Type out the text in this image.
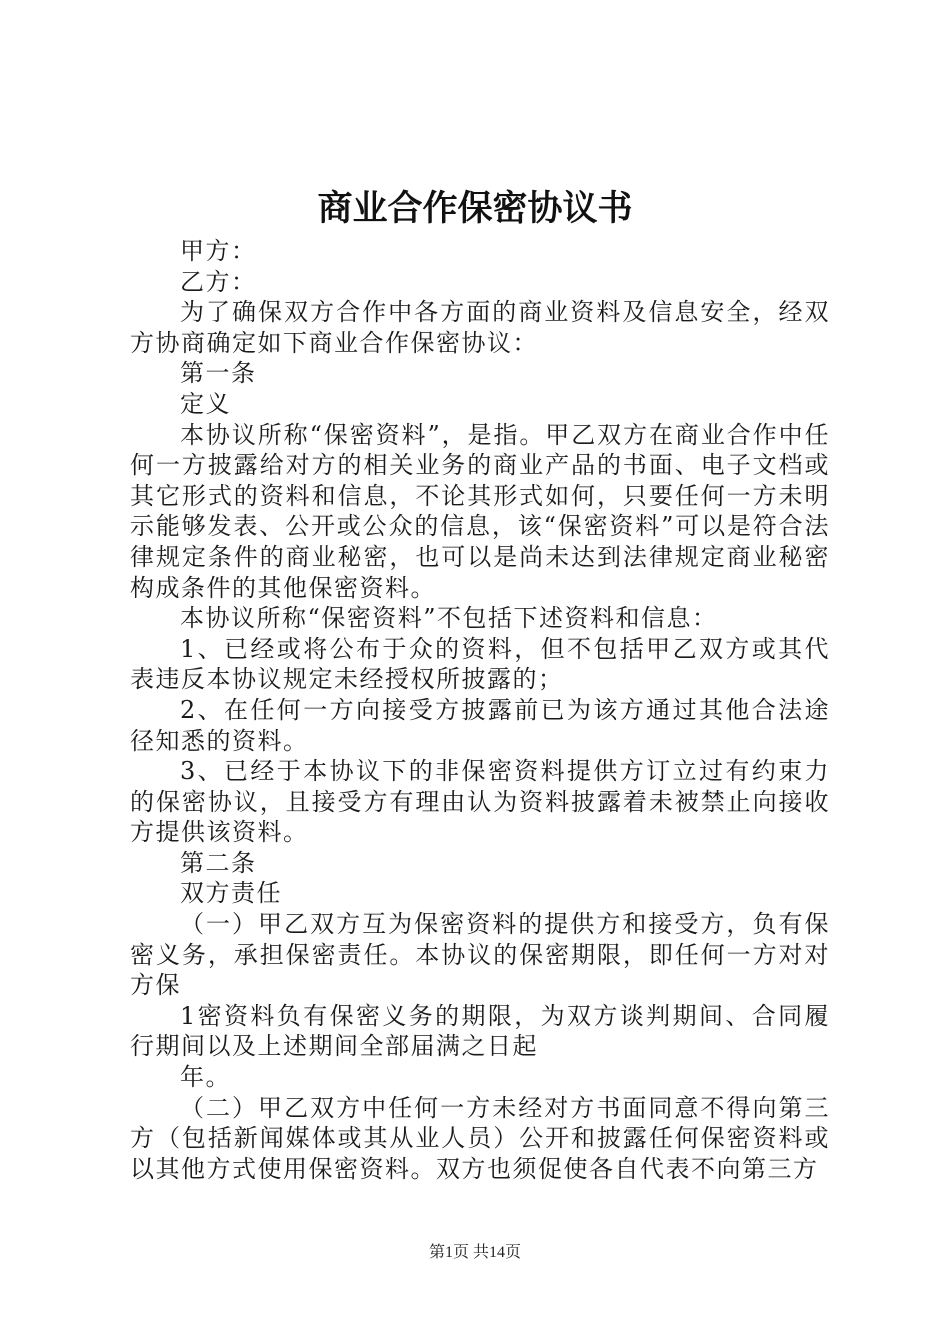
商业合作保密协议书

甲方：

乙方：

为了确保双方合作中各方面的商业资料及信息安全，经双方协商确定如下商业合作保密协议：

第一条

定义

本协议所称“保密资料”，是指。甲乙双方在商业合作中任何一方披露给对方的相关业务的商业产品的书面、电子文档或其它形式的资料和信息，不论其形式如何，只要任何一方未明示能够发表、公开或公众的信息，该“保密资料”可以是符合法律规定条件的商业秘密，也可以是尚未达到法律规定商业秘密构成条件的其他保密资料。

本协议所称“保密资料”不包括下述资料和信息：

1、已经或将公布于众的资料，但不包括甲乙双方或其代表违反本协议规定未经授权所披露的；

2、在任何一方向接受方披露前已为该方通过其他合法途径知悉的资料。

3、已经于本协议下的非保密资料提供方订立过有约束力的保密协议，且接受方有理由认为资料披露着未被禁止向接收方提供该资料。

第二条

双方责任

（一）甲乙双方互为保密资料的提供方和接受方，负有保密义务，承担保密责任。本协议的保密期限，即任何一方对对方保

1密资料负有保密义务的期限，为双方谈判期间、合同履行期间以及上述期间全部届满之日起

年。

（二）甲乙双方中任何一方未经对方书面同意不得向第三方（包括新闻媒体或其从业人员）公开和披露任何保密资料或以其他方式使用保密资料。双方也须促使各自代表不向第三方

第1页 共14页
